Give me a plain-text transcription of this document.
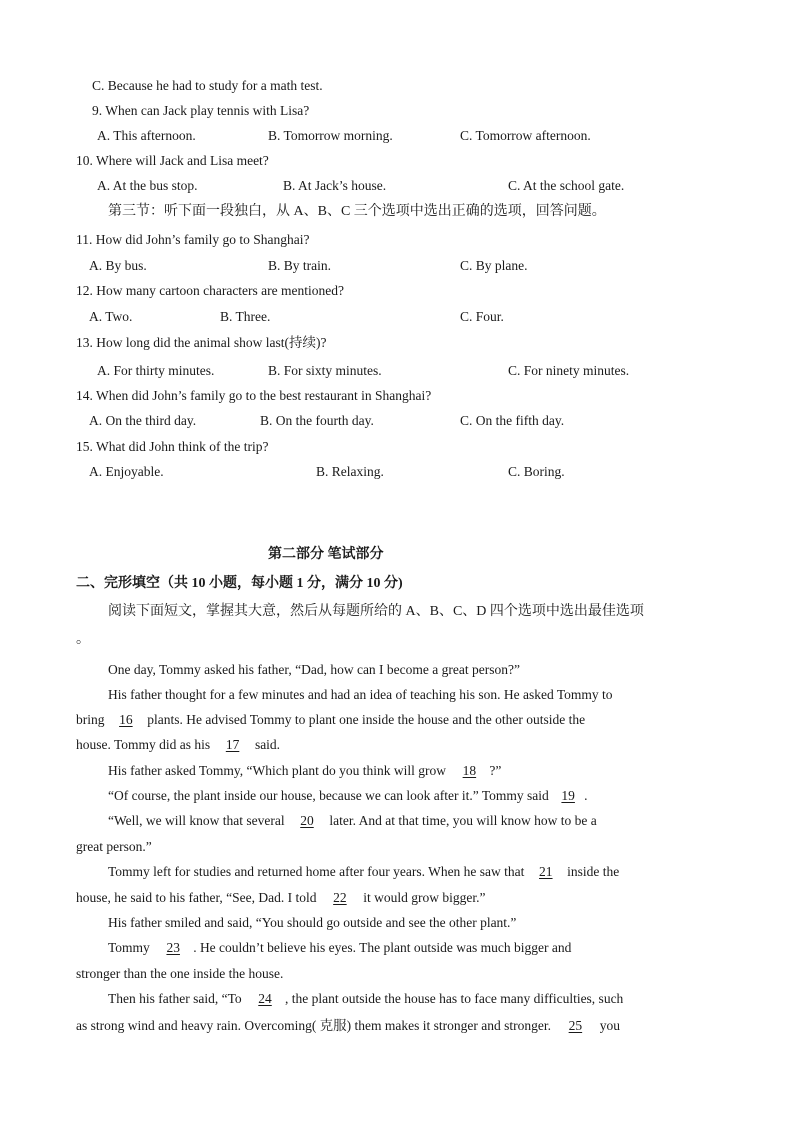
C. Because he had to study for a math test.
9. When can Jack play tennis with Lisa?
A. This afternoon.	B. Tomorrow morning.	C. Tomorrow afternoon.
10. Where will Jack and Lisa meet?
A. At the bus stop.	B. At Jack’s house.	C. At the school gate.
第三节：听下面一段独白，从 A、B、C 三个选项中选出正确的选项，回答问题。
11. How did John’s family go to Shanghai?
A. By bus.	B. By train.	C. By plane.
12. How many cartoon characters are mentioned?
A. Two.	B. Three.	C. Four.
13. How long did the animal show last(持续)?
A. For thirty minutes.	B. For sixty minutes.	C. For ninety minutes.
14. When did John’s family go to the best restaurant in Shanghai?
A. On the third day.	B. On the fourth day.	C. On the fifth day.
15. What did John think of the trip?
A. Enjoyable.	B. Relaxing.	C. Boring.
第二部分 笔试部分
二、完形填空（共 10 小题，每小题 1 分，满分 10 分)
阅读下面短文，掌握其大意，然后从每题所给的 A、B、C、D 四个选项中选出最佳选项
。
One day, Tommy asked his father, “Dad, how can I become a great person?”
His father thought for a few minutes and had an idea of teaching his son. He asked Tommy to
bring 16 plants. He advised Tommy to plant one inside the house and the other outside the
house. Tommy did as his 17 said.
His father asked Tommy, “Which plant do you think will grow 18 ?”
“Of course, the plant inside our house, because we can look after it.” Tommy said 19 .
“Well, we will know that several 20 later. And at that time, you will know how to be a
great person.”
Tommy left for studies and returned home after four years. When he saw that 21 inside the
house, he said to his father, “See, Dad. I told 22 it would grow bigger.”
His father smiled and said, “You should go outside and see the other plant.”
Tommy 23 . He couldn’t believe his eyes. The plant outside was much bigger and
stronger than the one inside the house.
Then his father said, “To 24 , the plant outside the house has to face many difficulties, such
as strong wind and heavy rain. Overcoming( 克服) them makes it stronger and stronger. 25 you
